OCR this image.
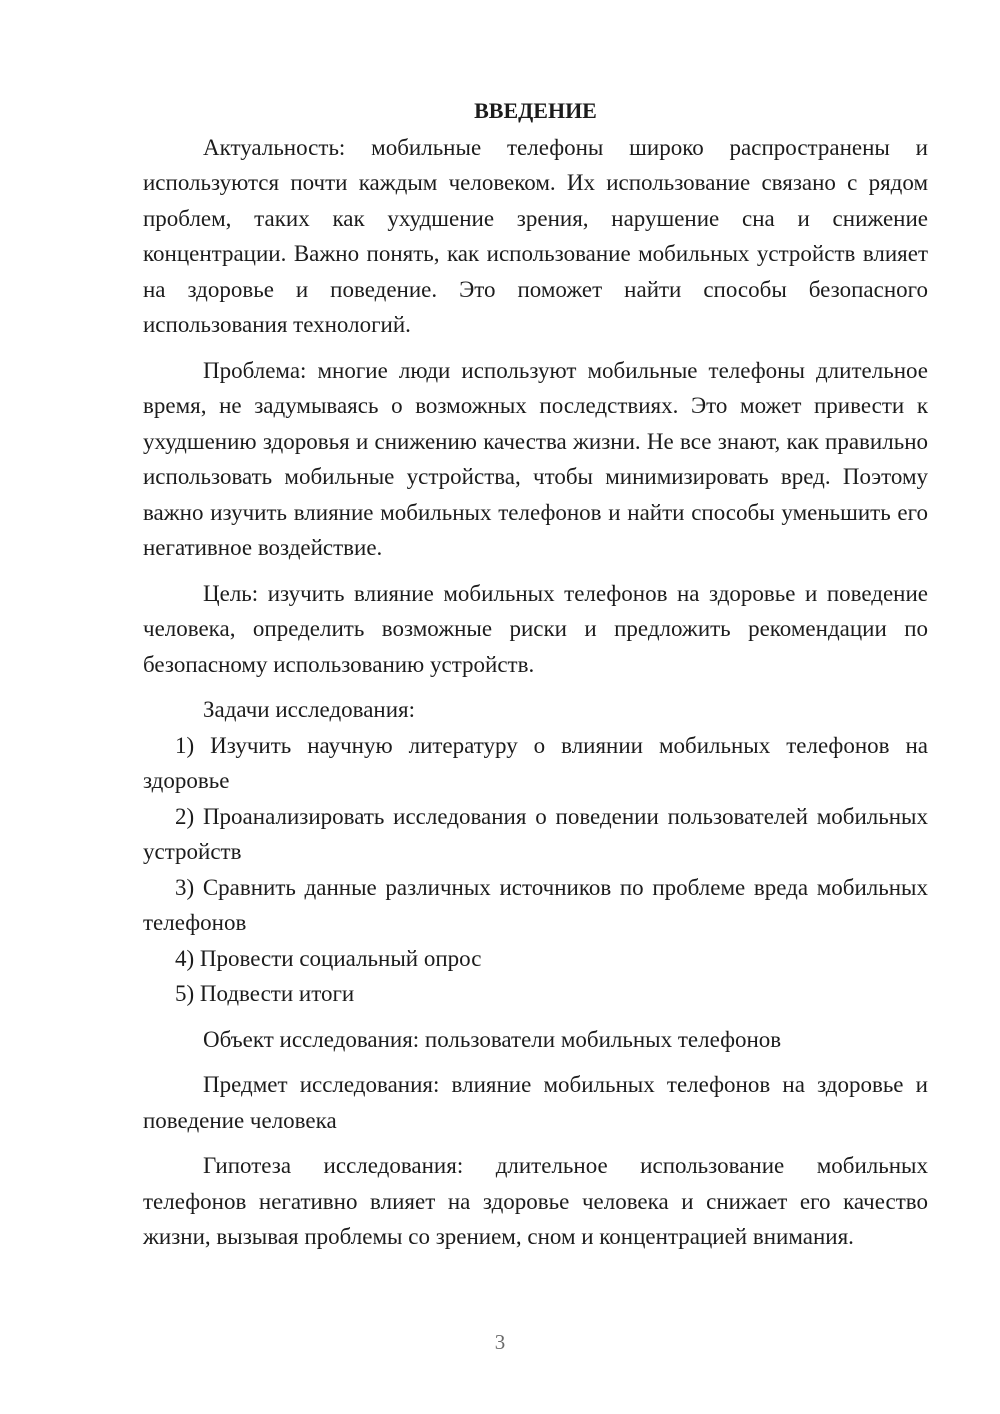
ВВЕДЕНИЕ

Актуальность: мобильные телефоны широко распространены и используются почти каждым человеком. Их использование связано с рядом проблем, таких как ухудшение зрения, нарушение сна и снижение концентрации. Важно понять, как использование мобильных устройств влияет на здоровье и поведение. Это поможет найти способы безопасного использования технологий.

Проблема: многие люди используют мобильные телефоны длительное время, не задумываясь о возможных последствиях. Это может привести к ухудшению здоровья и снижению качества жизни. Не все знают, как правильно использовать мобильные устройства, чтобы минимизировать вред. Поэтому важно изучить влияние мобильных телефонов и найти способы уменьшить его негативное воздействие.

Цель: изучить влияние мобильных телефонов на здоровье и поведение человека, определить возможные риски и предложить рекомендации по безопасному использованию устройств.

Задачи исследования:

1) Изучить научную литературу о влиянии мобильных телефонов на здоровье

2) Проанализировать исследования о поведении пользователей мобильных устройств

3) Сравнить данные различных источников по проблеме вреда мобильных телефонов

4) Провести социальный опрос

5) Подвести итоги

Объект исследования: пользователи мобильных телефонов

Предмет исследования: влияние мобильных телефонов на здоровье и поведение человека

Гипотеза исследования: длительное использование мобильных телефонов негативно влияет на здоровье человека и снижает его качество жизни, вызывая проблемы со зрением, сном и концентрацией внимания.

3
